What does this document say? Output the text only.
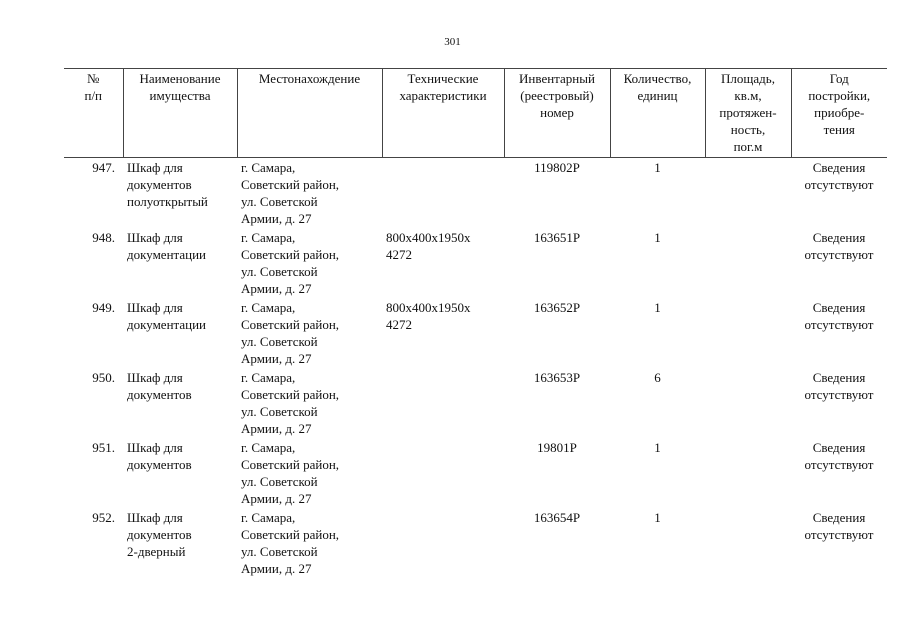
301
№
п/п	Наименование
имущества	Местонахождение	Технические
характеристики	Инвентарный
(реестровый)
номер	Количество,
единиц	Площадь,
кв.м,
протяжен-
ность,
пог.м	Год
постройки,
приобре-
тения

947.	Шкаф для
документов
полуоткрытый	г. Самара,
Советский район,
ул. Советской
Армии, д. 27		119802Р	1		Сведения
отсутствуют

948.	Шкаф для
документации	г. Самара,
Советский район,
ул. Советской
Армии, д. 27	800х400х1950х
4272	163651Р	1		Сведения
отсутствуют

949.	Шкаф для
документации	г. Самара,
Советский район,
ул. Советской
Армии, д. 27	800х400х1950х
4272	163652Р	1		Сведения
отсутствуют

950.	Шкаф для
документов	г. Самара,
Советский район,
ул. Советской
Армии, д. 27		163653Р	6		Сведения
отсутствуют

951.	Шкаф для
документов	г. Самара,
Советский район,
ул. Советской
Армии, д. 27		19801Р	1		Сведения
отсутствуют

952.	Шкаф для
документов
2-дверный	г. Самара,
Советский район,
ул. Советской
Армии, д. 27		163654Р	1		Сведения
отсутствуют
